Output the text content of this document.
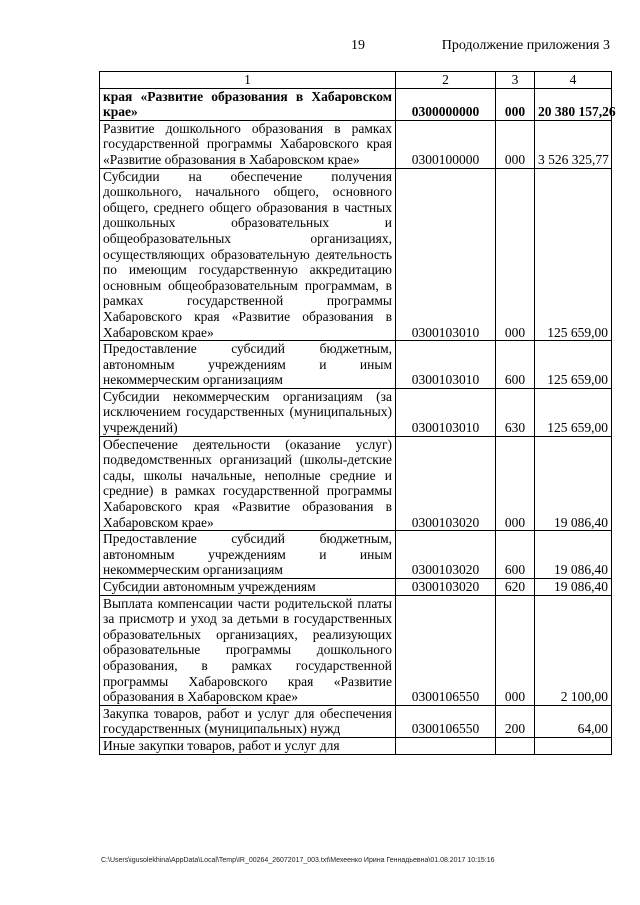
19	Продолжение приложения 3
1	2	3	4
края «Развитие образования в Хабаровском крае»	0300000000	000	20 380 157,26
Развитие дошкольного образования в рамках государственной программы Хабаровского края «Развитие образования в Хабаровском крае»	0300100000	000	3 526 325,77
Субсидии на обеспечение получения дошкольного, начального общего, основного общего, среднего общего образования в частных дошкольных образовательных и общеобразовательных организациях, осуществляющих образовательную деятельность по имеющим государственную аккредитацию основным общеобразовательным программам, в рамках государственной программы Хабаровского края «Развитие образования в Хабаровском крае»	0300103010	000	125 659,00
Предоставление субсидий бюджетным, автономным учреждениям и иным некоммерческим организациям	0300103010	600	125 659,00
Субсидии некоммерческим организациям (за исключением государственных (муниципальных) учреждений)	0300103010	630	125 659,00
Обеспечение деятельности (оказание услуг) подведомственных организаций (школы-детские сады, школы начальные, неполные средние и средние) в рамках государственной программы Хабаровского края «Развитие образования в Хабаровском крае»	0300103020	000	19 086,40
Предоставление субсидий бюджетным, автономным учреждениям и иным некоммерческим организациям	0300103020	600	19 086,40
Субсидии автономным учреждениям	0300103020	620	19 086,40
Выплата компенсации части родительской платы за присмотр и уход за детьми в государственных образовательных организациях, реализующих образовательные программы дошкольного образования, в рамках государственной программы Хабаровского края «Развитие образования в Хабаровском крае»	0300106550	000	2 100,00
Закупка товаров, работ и услуг для обеспечения государственных (муниципальных) нужд	0300106550	200	64,00
Иные закупки товаров, работ и услуг для			
C:\Users\igusolekhina\AppData\Local\Temp\IR_00264_26072017_003.txt\Мехеенко Ирина Геннадьевна\01.08.2017 10:15:16
